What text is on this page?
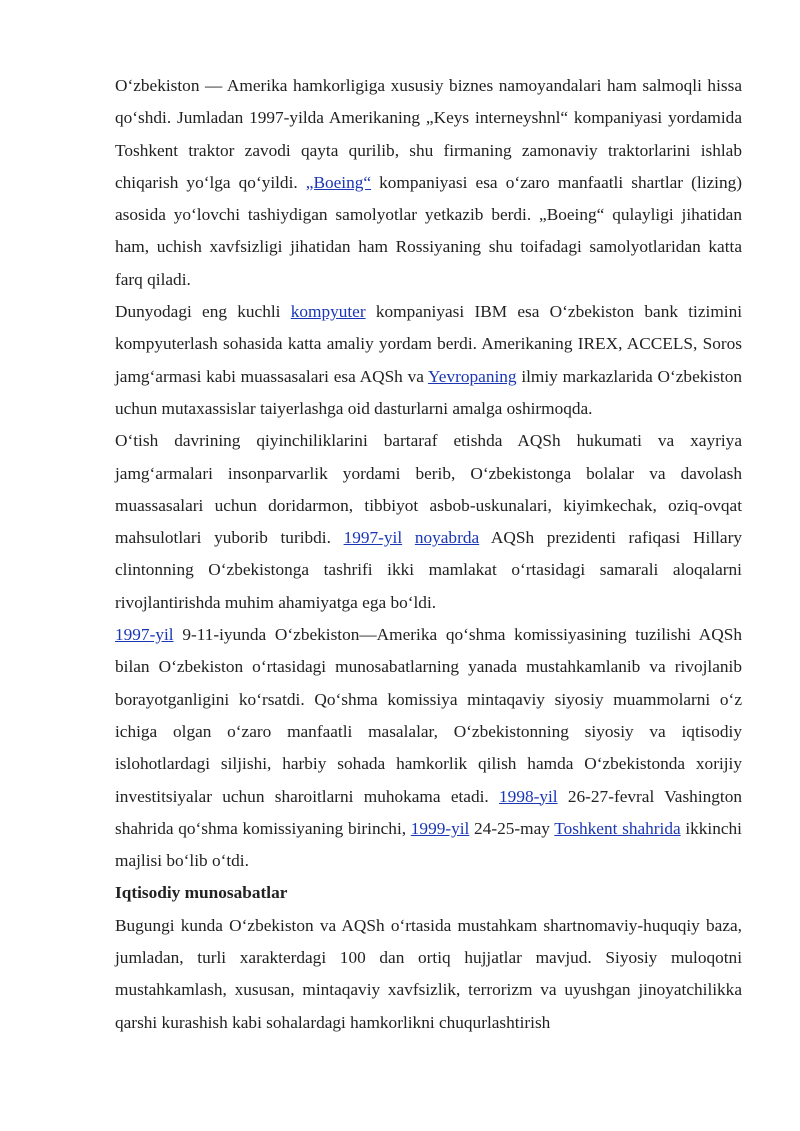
O‘zbekiston — Amerika hamkorligiga xususiy biznes namoyandalari ham salmoqli hissa qo‘shdi. Jumladan 1997-yilda Amerikaning „Keys interneyshnl“ kompaniyasi yordamida Toshkent traktor zavodi qayta qurilib, shu firmaning zamonaviy traktorlarini ishlab chiqarish yo‘lga qo‘yildi. „Boeing“ kompaniyasi esa o‘zaro manfaatli shartlar (lizing) asosida yo‘lovchi tashiydigan samolyotlar yetkazib berdi. „Boeing“ qulayligi jihatidan ham, uchish xavfsizligi jihatidan ham Rossiyaning shu toifadagi samolyotlaridan katta farq qiladi.

Dunyodagi eng kuchli kompyuter kompaniyasi IBM esa O‘zbekiston bank tizimini kompyuterlash sohasida katta amaliy yordam berdi. Amerikaning IREX, ACCELS, Soros jamg‘armasi kabi muassasalari esa AQSh va Yevropaning ilmiy markazlarida O‘zbekiston uchun mutaxassislar taiyerlashga oid dasturlarni amalga oshirmoqda.

O‘tish davrining qiyinchiliklarini bartaraf etishda AQSh hukumati va xayriya jamg‘armalari insonparvarlik yordami berib, O‘zbekistonga bolalar va davolash muassasalari uchun doridarmon, tibbiyot asbob-uskunalari, kiyimkechak, oziq-ovqat mahsulotlari yuborib turibdi. 1997-yil noyabrda AQSh prezidenti rafiqasi Hillary clintonning O‘zbekistonga tashrifi ikki mamlakat o‘rtasidagi samarali aloqalarni rivojlantirishda muhim ahamiyatga ega bo‘ldi.

1997-yil 9-11-iyunda O‘zbekiston—Amerika qo‘shma komissiyasining tuzilishi AQSh bilan O‘zbekiston o‘rtasidagi munosabatlarning yanada mustahkamlanib va rivojlanib borayotganligini ko‘rsatdi. Qo‘shma komissiya mintaqaviy siyosiy muammolarni o‘z ichiga olgan o‘zaro manfaatli masalalar, O‘zbekistonning siyosiy va iqtisodiy islohotlardagi siljishi, harbiy sohada hamkorlik qilish hamda O‘zbekistonda xorijiy investitsiyalar uchun sharoitlarni muhokama etadi. 1998-yil 26-27-fevral Vashington shahrida qo‘shma komissiyaning birinchi, 1999-yil 24-25-may Toshkent shahrida ikkinchi majlisi bo‘lib o‘tdi.

Iqtisodiy munosabatlar

Bugungi kunda O‘zbekiston va AQSh o‘rtasida mustahkam shartnomaviy-huquqiy baza, jumladan, turli xarakterdagi 100 dan ortiq hujjatlar mavjud. Siyosiy muloqotni mustahkamlash, xususan, mintaqaviy xavfsizlik, terrorizm va uyushgan jinoyatchilikka qarshi kurashish kabi sohalardagi hamkorlikni chuqurlashtirish
